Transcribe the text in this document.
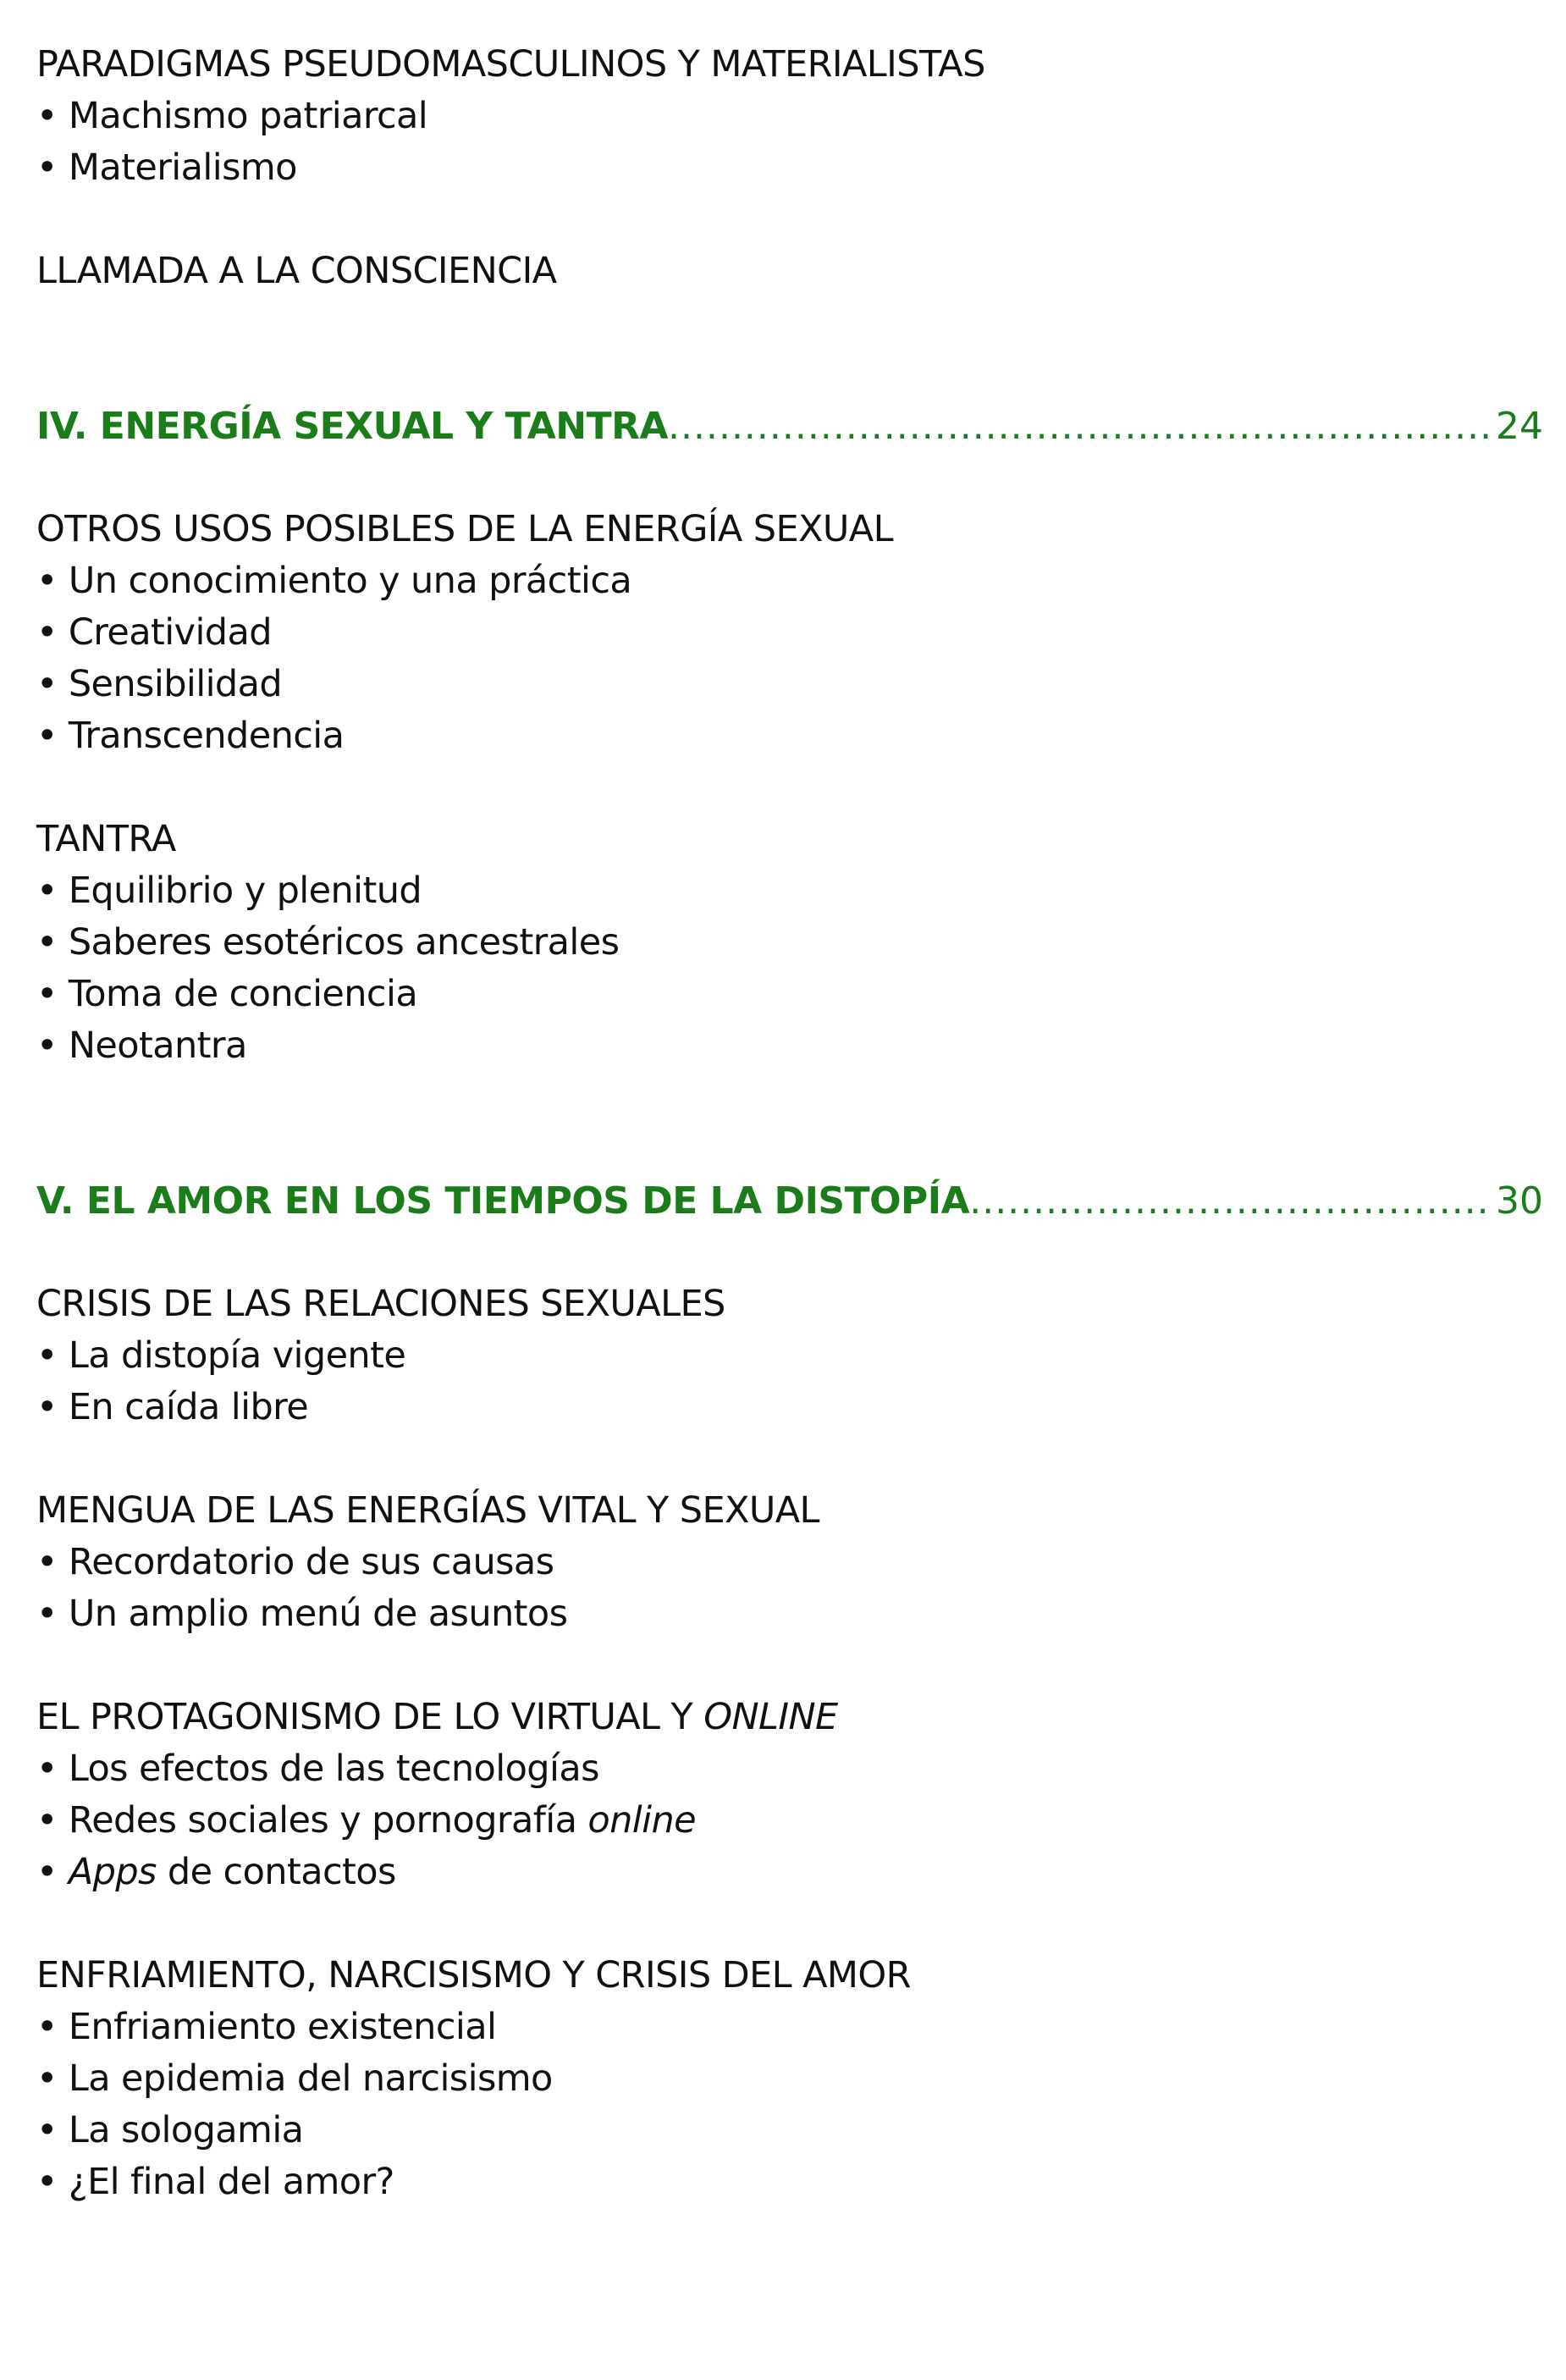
PARADIGMAS PSEUDOMASCULINOS Y MATERIALISTAS
• Machismo patriarcal
• Materialismo
LLAMADA A LA CONSCIENCIA
IV. ENERGÍA SEXUAL Y TANTRA .....	24
OTROS USOS POSIBLES DE LA ENERGÍA SEXUAL
• Un conocimiento y una práctica
• Creatividad
• Sensibilidad
• Transcendencia
TANTRA
• Equilibrio y plenitud
• Saberes esotéricos ancestrales
• Toma de conciencia
• Neotantra
V. EL AMOR EN LOS TIEMPOS DE LA DISTOPÍA .....	30
CRISIS DE LAS RELACIONES SEXUALES
• La distopía vigente
• En caída libre
MENGUA DE LAS ENERGÍAS VITAL Y SEXUAL
• Recordatorio de sus causas
• Un amplio menú de asuntos
EL PROTAGONISMO DE LO VIRTUAL Y ONLINE
• Los efectos de las tecnologías
• Redes sociales y pornografía online
• Apps de contactos
ENFRIAMIENTO, NARCISISMO Y CRISIS DEL AMOR
• Enfriamiento existencial
• La epidemia del narcisismo
• La sologamia
• ¿El final del amor?
